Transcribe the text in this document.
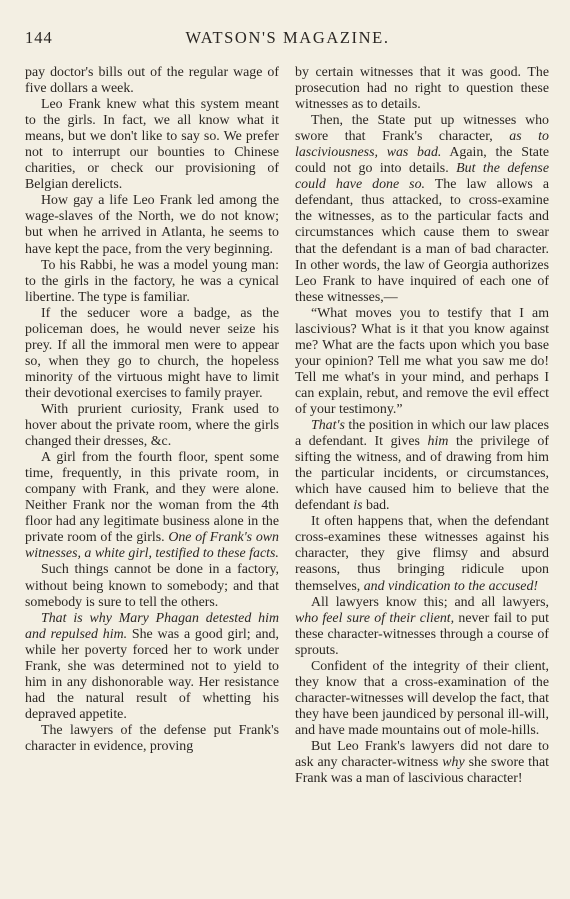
144	WATSON'S MAGAZINE.

pay doctor's bills out of the regular wage of five dollars a week.

Leo Frank knew what this system meant to the girls. In fact, we all know what it means, but we don't like to say so. We prefer not to interrupt our bounties to Chinese charities, or check our provisioning of Belgian derelicts.

How gay a life Leo Frank led among the wage-slaves of the North, we do not know; but when he arrived in Atlanta, he seems to have kept the pace, from the very beginning.

To his Rabbi, he was a model young man: to the girls in the factory, he was a cynical libertine. The type is familiar.

If the seducer wore a badge, as the policeman does, he would never seize his prey. If all the immoral men were to appear so, when they go to church, the hopeless minority of the virtuous might have to limit their devotional exercises to family prayer.

With prurient curiosity, Frank used to hover about the private room, where the girls changed their dresses, &c.

A girl from the fourth floor, spent some time, frequently, in this private room, in company with Frank, and they were alone. Neither Frank nor the woman from the 4th floor had any legitimate business alone in the private room of the girls. One of Frank's own witnesses, a white girl, testified to these facts.

Such things cannot be done in a factory, without being known to somebody; and that somebody is sure to tell the others.

That is why Mary Phagan detested him and repulsed him. She was a good girl; and, while her poverty forced her to work under Frank, she was determined not to yield to him in any dishonorable way. Her resistance had the natural result of whetting his depraved appetite.

The lawyers of the defense put Frank's character in evidence, proving

by certain witnesses that it was good. The prosecution had no right to question these witnesses as to details.

Then, the State put up witnesses who swore that Frank's character, as to lasciviousness, was bad. Again, the State could not go into details. But the defense could have done so. The law allows a defendant, thus attacked, to cross-examine the witnesses, as to the particular facts and circumstances which cause them to swear that the defendant is a man of bad character. In other words, the law of Georgia authorizes Leo Frank to have inquired of each one of these witnesses,—

“What moves you to testify that I am lascivious? What is it that you know against me? What are the facts upon which you base your opinion? Tell me what you saw me do! Tell me what's in your mind, and perhaps I can explain, rebut, and remove the evil effect of your testimony.”

That's the position in which our law places a defendant. It gives him the privilege of sifting the witness, and of drawing from him the particular incidents, or circumstances, which have caused him to believe that the defendant is bad.

It often happens that, when the defendant cross-examines these witnesses against his character, they give flimsy and absurd reasons, thus bringing ridicule upon themselves, and vindication to the accused!

All lawyers know this; and all lawyers, who feel sure of their client, never fail to put these character-witnesses through a course of sprouts.

Confident of the integrity of their client, they know that a cross-examination of the character-witnesses will develop the fact, that they have been jaundiced by personal ill-will, and have made mountains out of mole-hills.

But Leo Frank's lawyers did not dare to ask any character-witness why she swore that Frank was a man of lascivious character!
